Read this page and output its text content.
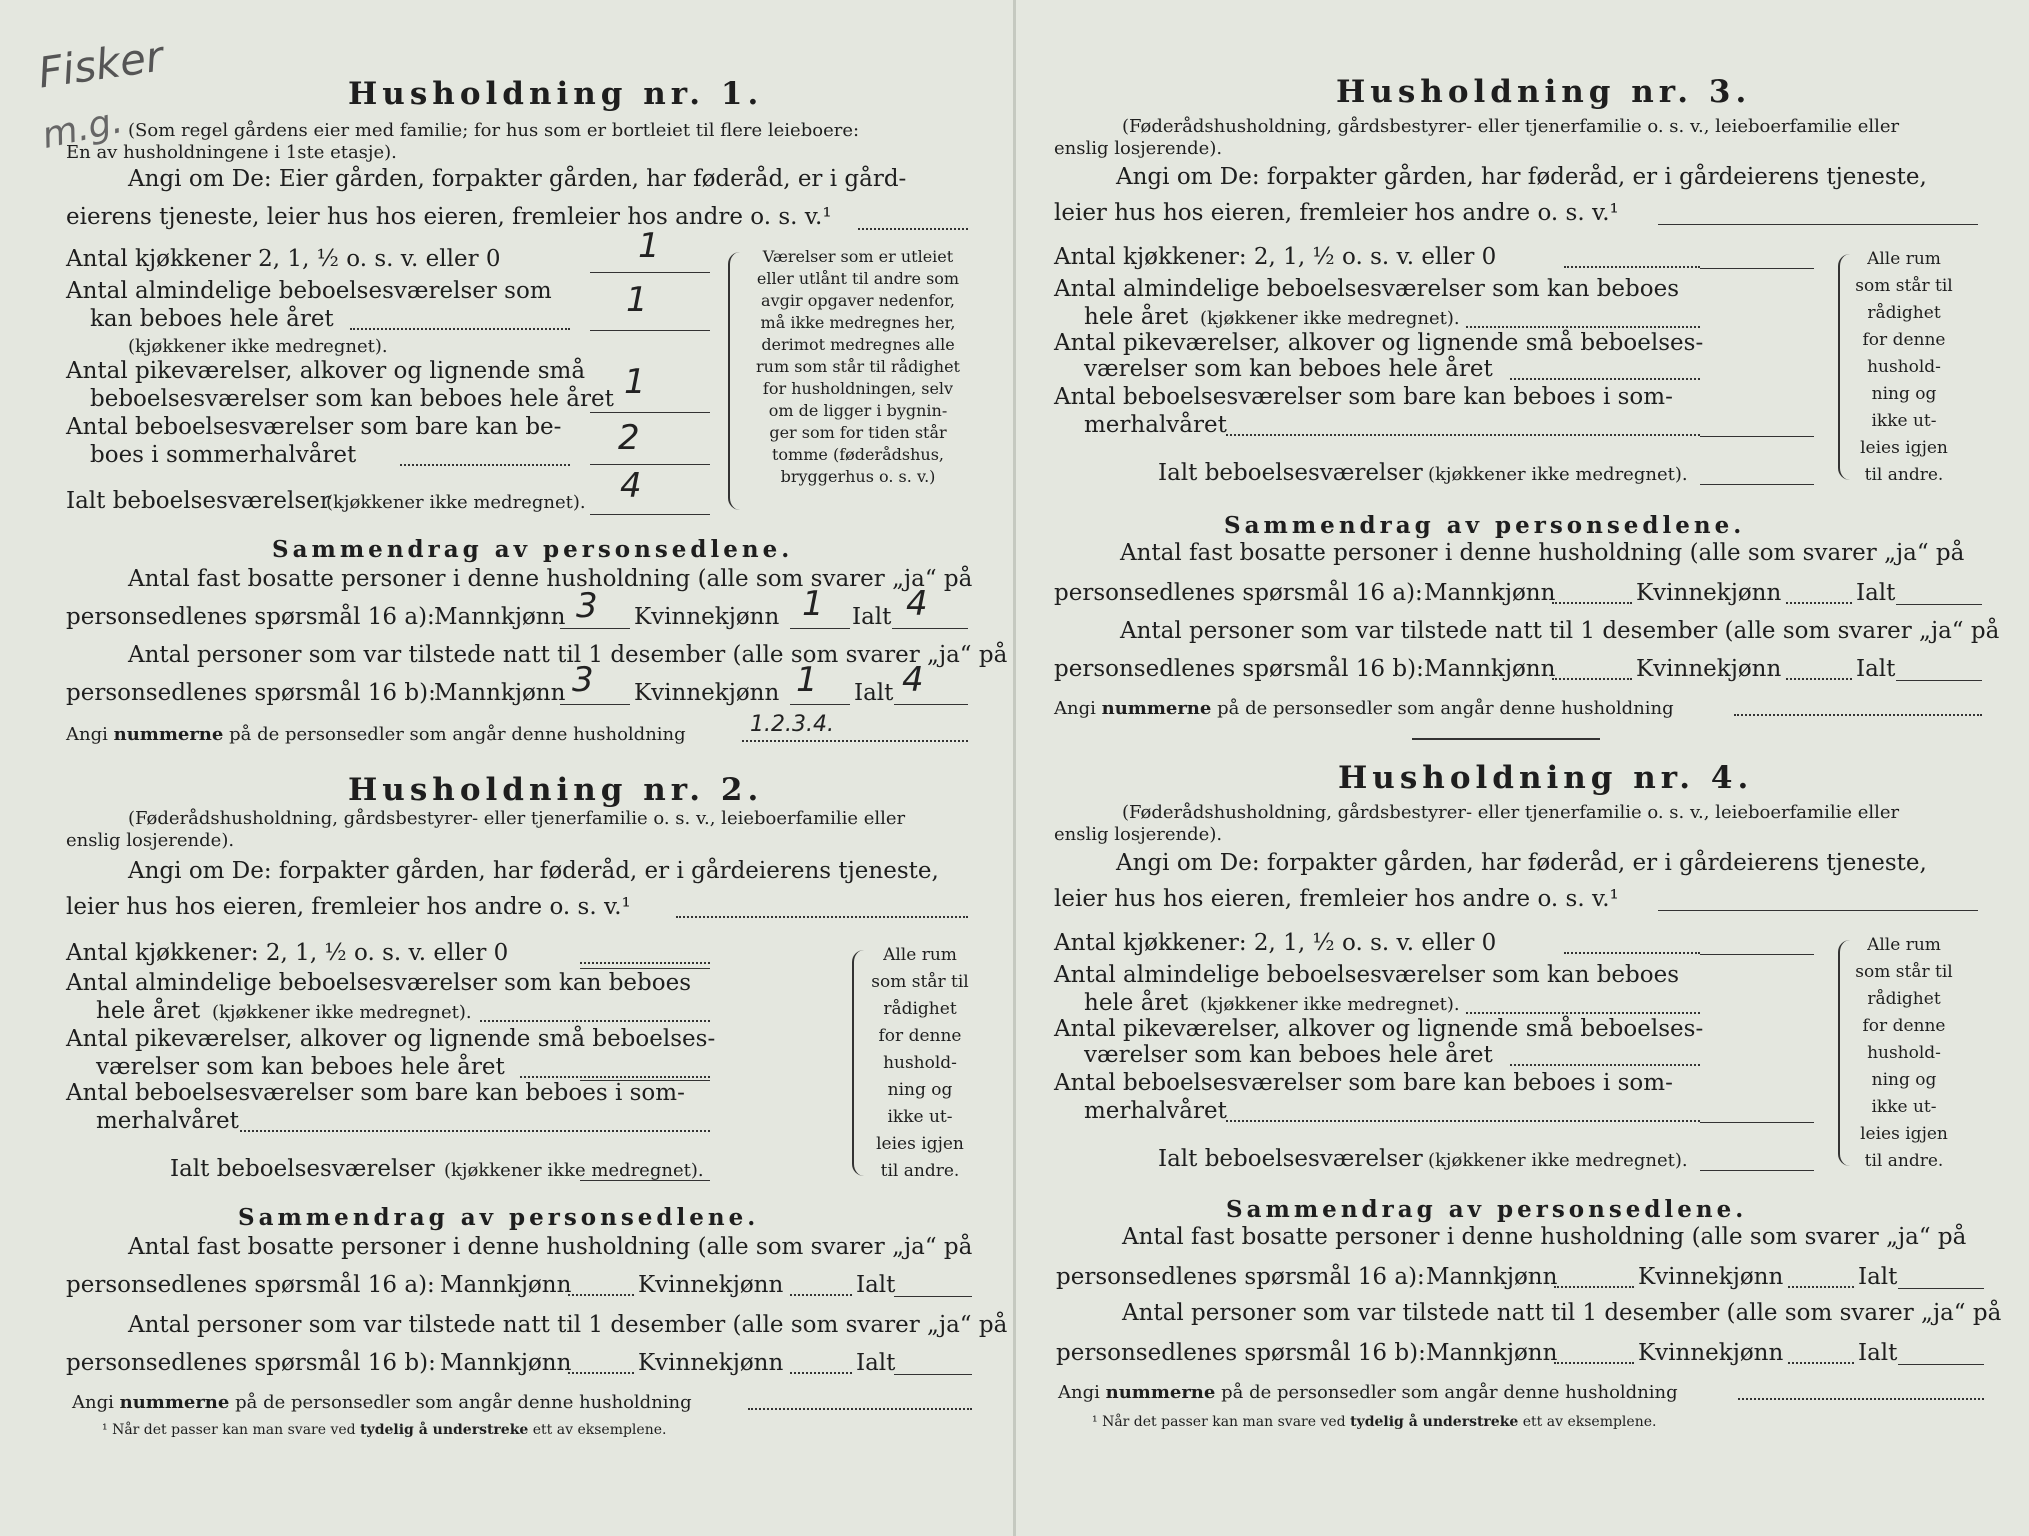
Fisker
m.g.
Husholdning nr. 1.
(Som regel gårdens eier med familie; for hus som er bortleiet til flere leieboere:
En av husholdningene i 1ste etasje).
Angi om De: Eier gården, forpakter gården, har føderåd, er i gård-
eierens tjeneste, leier hus hos eieren, fremleier hos andre o. s. v.¹
Antal kjøkkener 2, 1, ½ o. s. v. eller 0	1
Antal almindelige beboelsesværelser som
kan beboes hele året
(kjøkkener ikke medregnet).
1
Antal pikeværelser, alkover og lignende små
beboelsesværelser som kan beboes hele året 1
Antal beboelsesværelser som bare kan be-
boes i sommerhalvåret	2
Ialt beboelsesværelser
(kjøkkener ikke medregnet). 4
Værelser som er utleiet
eller utlånt til andre som
avgir opgaver nedenfor,
må ikke medregnes her,
derimot medregnes alle
rum som står til rådighet
for husholdningen, selv
om de ligger i bygnin-
ger som for tiden står
tomme (føderådshus,
bryggerhus o. s. v.)
Sammendrag av personsedlene.
Antal fast bosatte personer i denne husholdning (alle som svarer „ja“ på
personsedlenes spørsmål 16 a): Mannkjønn 3 Kvinnekjønn 1 Ialt 4
Antal personer som var tilstede natt til 1 desember (alle som svarer „ja“ på
personsedlenes spørsmål 16 b):
Mannkjønn 3 Kvinnekjønn 1 Ialt 4
Angi nummerne på de personsedler som angår denne husholdning	1.2.3.4.
Husholdning nr. 2.
(Føderådshusholdning, gårdsbestyrer- eller tjenerfamilie o. s. v., leieboerfamilie eller
enslig losjerende).
Angi om De: forpakter gården, har føderåd, er i gårdeierens tjeneste,
leier hus hos eieren, fremleier hos andre o. s. v.¹
Antal kjøkkener: 2, 1, ½ o. s. v. eller 0
Antal almindelige beboelsesværelser som kan beboes
hele året (kjøkkener ikke medregnet).
Antal pikeværelser, alkover og lignende små beboelses-
værelser som kan beboes hele året
Antal beboelsesværelser som bare kan beboes i som-
merhalvåret
Ialt beboelsesværelser (kjøkkener ikke medregnet).
Alle rum
som står til
rådighet
for denne
hushold-
ning og
ikke ut-
leies igjen
til andre.
Sammendrag av personsedlene.
Antal fast bosatte personer i denne husholdning (alle som svarer „ja“ på
personsedlenes spørsmål 16 a): Mannkjønn	Kvinnekjønn	Ialt
Antal personer som var tilstede natt til 1 desember (alle som svarer „ja“ på
personsedlenes spørsmål 16 b): Mannkjønn	Kvinnekjønn	Ialt
Angi nummerne på de personsedler som angår denne husholdning
¹ Når det passer kan man svare ved tydelig å understreke ett av eksemplene.
Husholdning nr. 3.
(Føderådshusholdning, gårdsbestyrer- eller tjenerfamilie o. s. v., leieboerfamilie eller
enslig losjerende).
Angi om De: forpakter gården, har føderåd, er i gårdeierens tjeneste,
leier hus hos eieren, fremleier hos andre o. s. v.¹
Antal kjøkkener: 2, 1, ½ o. s. v. eller 0
Antal almindelige beboelsesværelser som kan beboes
hele året (kjøkkener ikke medregnet).
Antal pikeværelser, alkover og lignende små beboelses-
værelser som kan beboes hele året
Antal beboelsesværelser som bare kan beboes i som-
merhalvåret
Ialt beboelsesværelser (kjøkkener ikke medregnet).
Alle rum
som står til
rådighet
for denne
hushold-
ning og
ikke ut-
leies igjen
til andre.
Sammendrag av personsedlene.
Antal fast bosatte personer i denne husholdning (alle som svarer „ja“ på
personsedlenes spørsmål 16 a): Mannkjønn	Kvinnekjønn	Ialt
Antal personer som var tilstede natt til 1 desember (alle som svarer „ja“ på
personsedlenes spørsmål 16 b): Mannkjønn	Kvinnekjønn	Ialt
Angi nummerne på de personsedler som angår denne husholdning
Husholdning nr. 4.
(Føderådshusholdning, gårdsbestyrer- eller tjenerfamilie o. s. v., leieboerfamilie eller
enslig losjerende).
Angi om De: forpakter gården, har føderåd, er i gårdeierens tjeneste,
leier hus hos eieren, fremleier hos andre o. s. v.¹
Antal kjøkkener: 2, 1, ½ o. s. v. eller 0
Antal almindelige beboelsesværelser som kan beboes
hele året (kjøkkener ikke medregnet).
Antal pikeværelser, alkover og lignende små beboelses-
værelser som kan beboes hele året
Antal beboelsesværelser som bare kan beboes i som-
merhalvåret
Ialt beboelsesværelser (kjøkkener ikke medregnet).
Alle rum
som står til
rådighet
for denne
hushold-
ning og
ikke ut-
leies igjen
til andre.
Sammendrag av personsedlene.
Antal fast bosatte personer i denne husholdning (alle som svarer „ja“ på
personsedlenes spørsmål 16 a): Mannkjønn	Kvinnekjønn	Ialt
Antal personer som var tilstede natt til 1 desember (alle som svarer „ja“ på
personsedlenes spørsmål 16 b): Mannkjønn	Kvinnekjønn	Ialt
Angi nummerne på de personsedler som angår denne husholdning
¹ Når det passer kan man svare ved tydelig å understreke ett av eksemplene.
